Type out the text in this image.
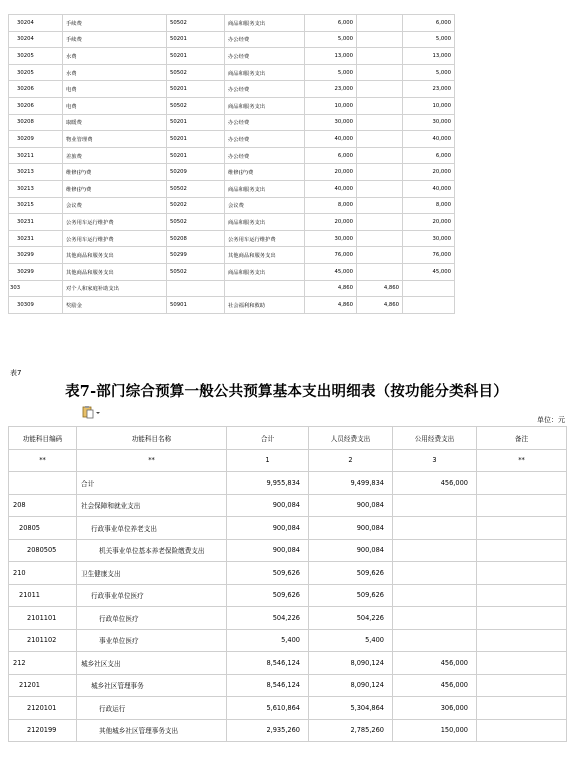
30204	手续费	50502	商品和服务支出	6,000		6,000
30204	手续费	50201	办公经费	5,000		5,000
30205	水费	50201	办公经费	13,000		13,000
30205	水费	50502	商品和服务支出	5,000		5,000
30206	电费	50201	办公经费	23,000		23,000
30206	电费	50502	商品和服务支出	10,000		10,000
30208	取暖费	50201	办公经费	30,000		30,000
30209	物业管理费	50201	办公经费	40,000		40,000
30211	差旅费	50201	办公经费	6,000		6,000
30213	维修(护)费	50209	维修(护)费	20,000		20,000
30213	维修(护)费	50502	商品和服务支出	40,000		40,000
30215	会议费	50202	会议费	8,000		8,000
30231	公务用车运行维护费	50502	商品和服务支出	20,000		20,000
30231	公务用车运行维护费	50208	公务用车运行维护费	30,000		30,000
30299	其他商品和服务支出	50299	其他商品和服务支出	76,000		76,000
30299	其他商品和服务支出	50502	商品和服务支出	45,000		45,000
303	对个人和家庭补助支出			4,860	4,860	
30309	奖励金	50901	社会福利和救助	4,860	4,860	
表7
表7-部门综合预算一般公共预算基本支出明细表（按功能分类科目）
单位：元
功能科目编码	功能科目名称	合计	人员经费支出	公用经费支出	备注
**	**	1	2	3	**
	合计	9,955,834	9,499,834	456,000	
208	社会保障和就业支出	900,084	900,084		
20805	行政事业单位养老支出	900,084	900,084		
2080505	机关事业单位基本养老保险缴费支出	900,084	900,084		
210	卫生健康支出	509,626	509,626		
21011	行政事业单位医疗	509,626	509,626		
2101101	行政单位医疗	504,226	504,226		
2101102	事业单位医疗	5,400	5,400		
212	城乡社区支出	8,546,124	8,090,124	456,000	
21201	城乡社区管理事务	8,546,124	8,090,124	456,000	
2120101	行政运行	5,610,864	5,304,864	306,000	
2120199	其他城乡社区管理事务支出	2,935,260	2,785,260	150,000	
